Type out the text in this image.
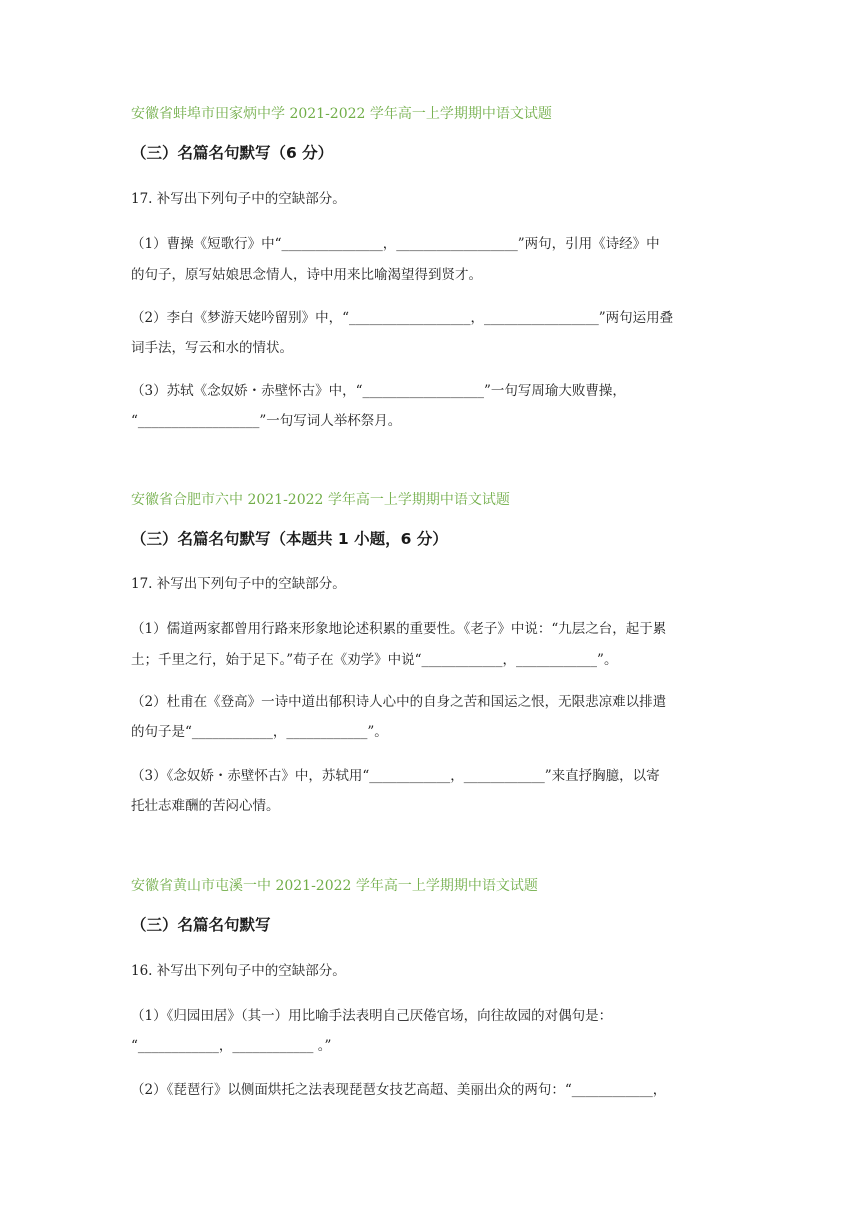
安徽省蚌埠市田家炳中学 2021-2022 学年高一上学期期中语文试题
（三）名篇名句默写（6 分）
17. 补写出下列句子中的空缺部分。
（1）曹操《短歌行》中“_______________，__________________”两句，引用《诗经》中
的句子，原写姑娘思念情人，诗中用来比喻渴望得到贤才。
（2）李白《梦游天姥吟留别》中，“__________________，_________________”两句运用叠
词手法，写云和水的情状。
（3）苏轼《念奴娇・赤壁怀古》中，“__________________”一句写周瑜大败曹操，
“__________________”一句写词人举杯祭月。
安徽省合肥市六中 2021-2022 学年高一上学期期中语文试题
（三）名篇名句默写（本题共 1 小题，6 分）
17. 补写出下列句子中的空缺部分。
（1）儒道两家都曾用行路来形象地论述积累的重要性。《老子》中说：“九层之台，起于累
土；千里之行，始于足下。”荀子在《劝学》中说“____________，____________”。
（2）杜甫在《登高》一诗中道出郁积诗人心中的自身之苦和国运之恨，无限悲凉难以排遣
的句子是“____________，____________”。
（3）《念奴娇・赤壁怀古》中，苏轼用“____________，____________”来直抒胸臆，以寄
托壮志难酬的苦闷心情。
安徽省黄山市屯溪一中 2021-2022 学年高一上学期期中语文试题
（三）名篇名句默写
16. 补写出下列句子中的空缺部分。
（1）《归园田居》（其一）用比喻手法表明自己厌倦官场，向往故园的对偶句是：
“____________，____________ 。”
（2）《琵琶行》以侧面烘托之法表现琵琶女技艺高超、美丽出众的两句：“____________，
